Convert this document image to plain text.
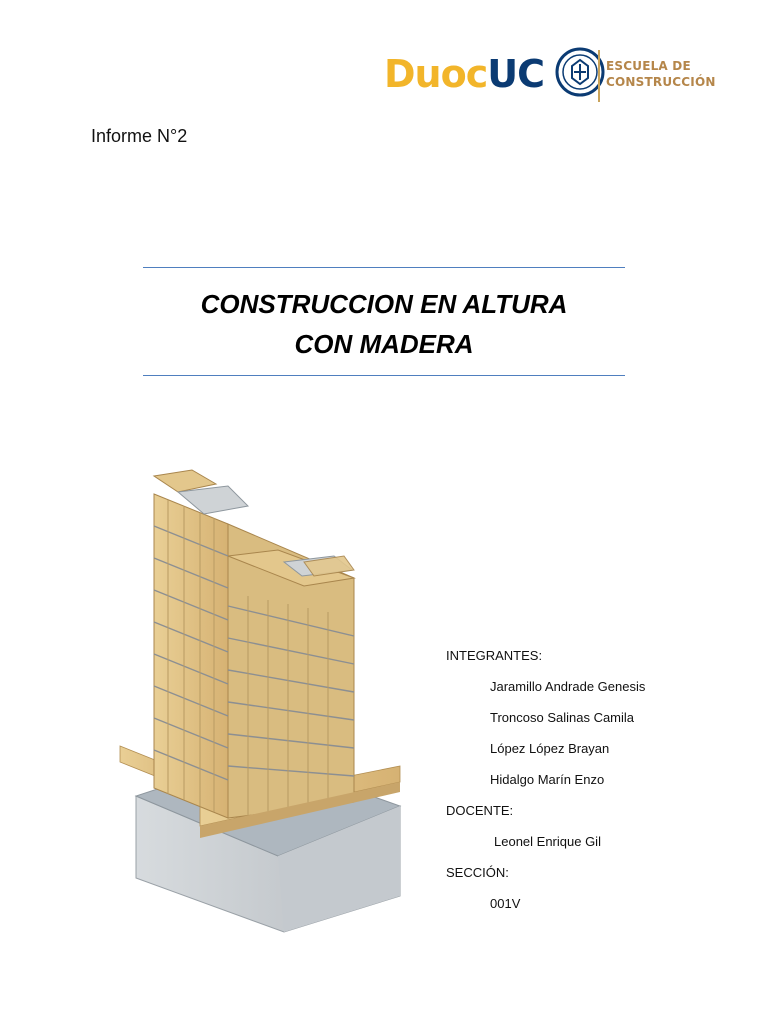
DuocUC	ESCUELA DE
CONSTRUCCIÓN
Informe N°2
CONSTRUCCION EN ALTURA
CON MADERA
INTEGRANTES:
Jaramillo Andrade Genesis
Troncoso Salinas Camila
López López Brayan
Hidalgo Marín Enzo
DOCENTE:
Leonel Enrique Gil
SECCIÓN:
001V
